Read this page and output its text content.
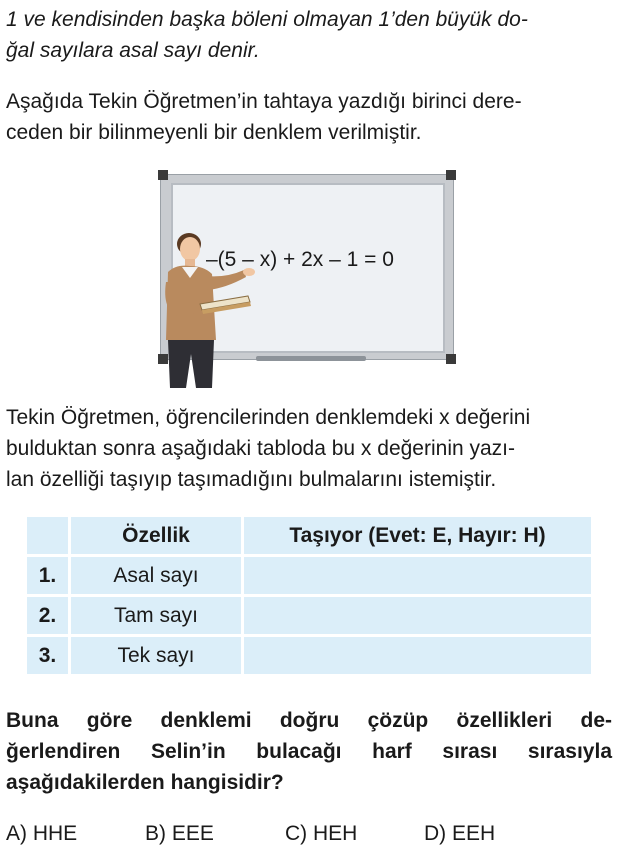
1 ve kendisinden başka böleni olmayan 1’den büyük do-
ğal sayılara asal sayı denir.
Aşağıda Tekin Öğretmen’in tahtaya yazdığı birinci dere-
ceden bir bilinmeyenli bir denklem verilmiştir.
–(5 – x) + 2x – 1 = 0
Tekin Öğretmen, öğrencilerinden denklemdeki x değerini
bulduktan sonra aşağıdaki tabloda bu x değerinin yazı-
lan özelliği taşıyıp taşımadığını bulmalarını istemiştir.
	Özellik	Taşıyor (Evet: E, Hayır: H)
1.	Asal sayı	
2.	Tam sayı	
3.	Tek sayı	
Buna göre denklemi doğru çözüp özellikleri de-
ğerlendiren Selin’in bulacağı harf sırası sırasıyla
aşağıdakilerden hangisidir?
A) HHE	B) EEE	C) HEH	D) EEH
